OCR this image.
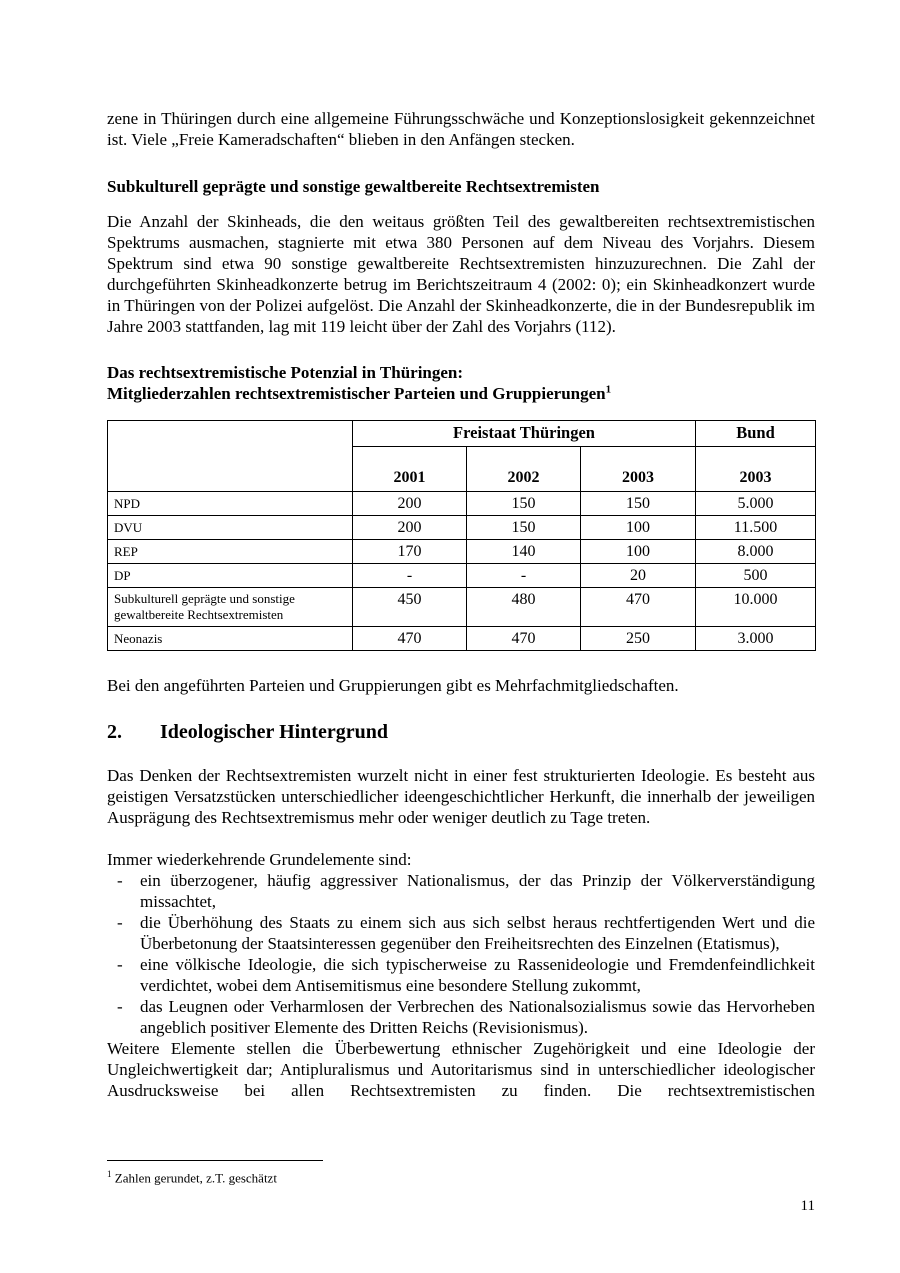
zene in Thüringen durch eine allgemeine Führungsschwäche und Konzeptionslosigkeit gekennzeichnet ist. Viele „Freie Kameradschaften“ blieben in den Anfängen stecken.

Subkulturell geprägte und sonstige gewaltbereite Rechtsextremisten

Die Anzahl der Skinheads, die den weitaus größten Teil des gewaltbereiten rechtsextremistischen Spektrums ausmachen, stagnierte mit etwa 380 Personen auf dem Niveau des Vorjahrs. Diesem Spektrum sind etwa 90 sonstige gewaltbereite Rechtsextremisten hinzuzurechnen. Die Zahl der durchgeführten Skinheadkonzerte betrug im Berichtszeitraum 4 (2002: 0); ein Skinheadkonzert wurde in Thüringen von der Polizei aufgelöst. Die Anzahl der Skinheadkonzerte, die in der Bundesrepublik im Jahre 2003 stattfanden, lag mit 119 leicht über der Zahl des Vorjahrs (112).

Das rechtsextremistische Potenzial in Thüringen:
Mitgliederzahlen rechtsextremistischer Parteien und Gruppierungen$^1$
	Freistaat Thüringen			Bund
	2001	2002	2003	2003
NPD	200	150	150	5.000
DVU	200	150	100	11.500
REP	170	140	100	8.000
DP	-	-	20	500
Subkulturell geprägte und sonstige gewaltbereite Rechtsextremisten	450	480	470	10.000
Neonazis	470	470	250	3.000

Bei den angeführten Parteien und Gruppierungen gibt es Mehrfachmitgliedschaften.

2. Ideologischer Hintergrund

Das Denken der Rechtsextremisten wurzelt nicht in einer fest strukturierten Ideologie. Es besteht aus geistigen Versatzstücken unterschiedlicher ideengeschichtlicher Herkunft, die innerhalb der jeweiligen Ausprägung des Rechtsextremismus mehr oder weniger deutlich zu Tage treten.

Immer wiederkehrende Grundelemente sind:

-	ein überzogener, häufig aggressiver Nationalismus, der das Prinzip der Völkerverständigung missachtet,
-	die Überhöhung des Staats zu einem sich aus sich selbst heraus rechtfertigenden Wert und die Überbetonung der Staatsinteressen gegenüber den Freiheitsrechten des Einzelnen (Etatismus),
-	eine völkische Ideologie, die sich typischerweise zu Rassenideologie und Fremdenfeindlichkeit verdichtet, wobei dem Antisemitismus eine besondere Stellung zukommt,
-	das Leugnen oder Verharmlosen der Verbrechen des Nationalsozialismus sowie das Hervorheben angeblich positiver Elemente des Dritten Reichs (Revisionismus).

Weitere Elemente stellen die Überbewertung ethnischer Zugehörigkeit und eine Ideologie der Ungleichwertigkeit dar; Antipluralismus und Autoritarismus sind in unterschiedlicher ideologischer Ausdrucksweise bei allen Rechtsextremisten zu finden. Die rechtsextremistischen

$^1$ Zahlen gerundet, z.T. geschätzt
11
